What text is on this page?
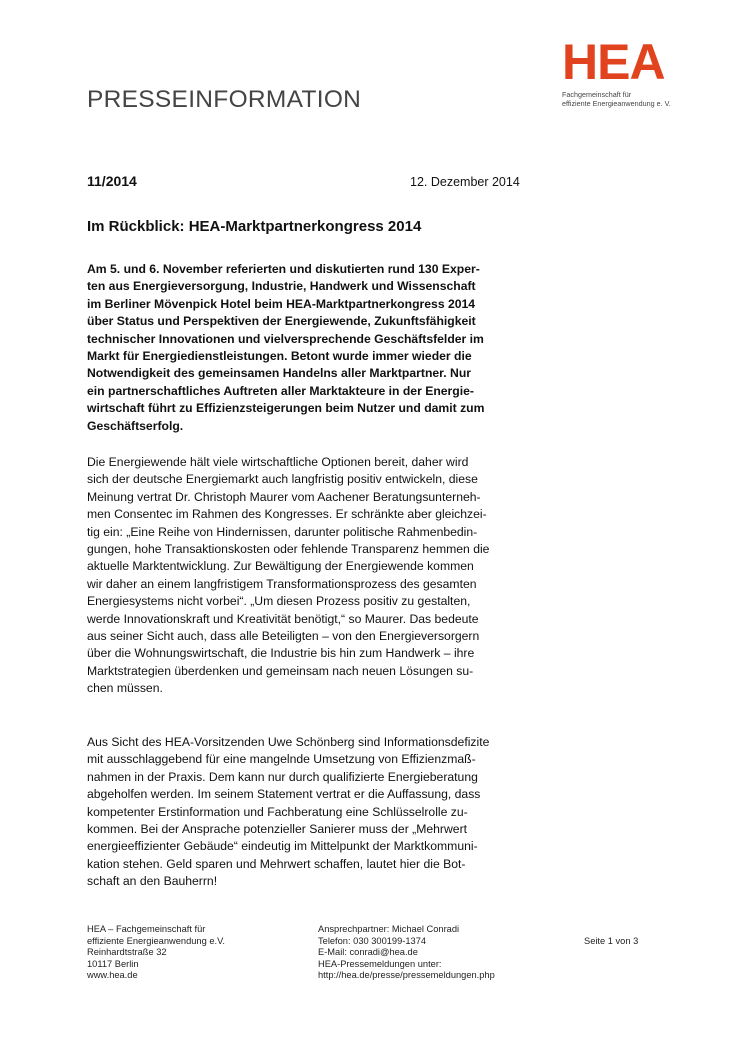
PRESSEINFORMATION
HEA
Fachgemeinschaft für
effiziente Energieanwendung e. V.
11/2014	12. Dezember 2014
Im Rückblick: HEA-Marktpartnerkongress 2014

Am 5. und 6. November referierten und diskutierten rund 130 Exper-
ten aus Energieversorgung, Industrie, Handwerk und Wissenschaft
im Berliner Mövenpick Hotel beim HEA-Marktpartnerkongress 2014
über Status und Perspektiven der Energiewende, Zukunftsfähigkeit
technischer Innovationen und vielversprechende Geschäftsfelder im
Markt für Energiedienstleistungen. Betont wurde immer wieder die
Notwendigkeit des gemeinsamen Handelns aller Marktpartner. Nur
ein partnerschaftliches Auftreten aller Marktakteure in der Energie-
wirtschaft führt zu Effizienzsteigerungen beim Nutzer und damit zum
Geschäftserfolg.

Die Energiewende hält viele wirtschaftliche Optionen bereit, daher wird
sich der deutsche Energiemarkt auch langfristig positiv entwickeln, diese
Meinung vertrat Dr. Christoph Maurer vom Aachener Beratungsunterneh-
men Consentec im Rahmen des Kongresses. Er schränkte aber gleichzei-
tig ein: „Eine Reihe von Hindernissen, darunter politische Rahmenbedin-
gungen, hohe Transaktionskosten oder fehlende Transparenz hemmen die
aktuelle Marktentwicklung. Zur Bewältigung der Energiewende kommen
wir daher an einem langfristigem Transformationsprozess des gesamten
Energiesystems nicht vorbei“. „Um diesen Prozess positiv zu gestalten,
werde Innovationskraft und Kreativität benötigt,“ so Maurer. Das bedeute
aus seiner Sicht auch, dass alle Beteiligten – von den Energieversorgern
über die Wohnungswirtschaft, die Industrie bis hin zum Handwerk – ihre
Marktstrategien überdenken und gemeinsam nach neuen Lösungen su-
chen müssen.

Aus Sicht des HEA-Vorsitzenden Uwe Schönberg sind Informationsdefizite
mit ausschlaggebend für eine mangelnde Umsetzung von Effizienzmaß-
nahmen in der Praxis. Dem kann nur durch qualifizierte Energieberatung
abgeholfen werden. Im seinem Statement vertrat er die Auffassung, dass
kompetenter Erstinformation und Fachberatung eine Schlüsselrolle zu-
kommen. Bei der Ansprache potenzieller Sanierer muss der „Mehrwert
energieeffizienter Gebäude“ eindeutig im Mittelpunkt der Marktkommuni-
kation stehen. Geld sparen und Mehrwert schaffen, lautet hier die Bot-
schaft an den Bauherrn!

HEA – Fachgemeinschaft für
effiziente Energieanwendung e.V.
Reinhardtstraße 32
10117 Berlin
www.hea.de
Ansprechpartner: Michael Conradi
Telefon: 030 300199-1374
E-Mail: conradi@hea.de
HEA-Pressemeldungen unter:
http://hea.de/presse/pressemeldungen.php
Seite 1 von 3
